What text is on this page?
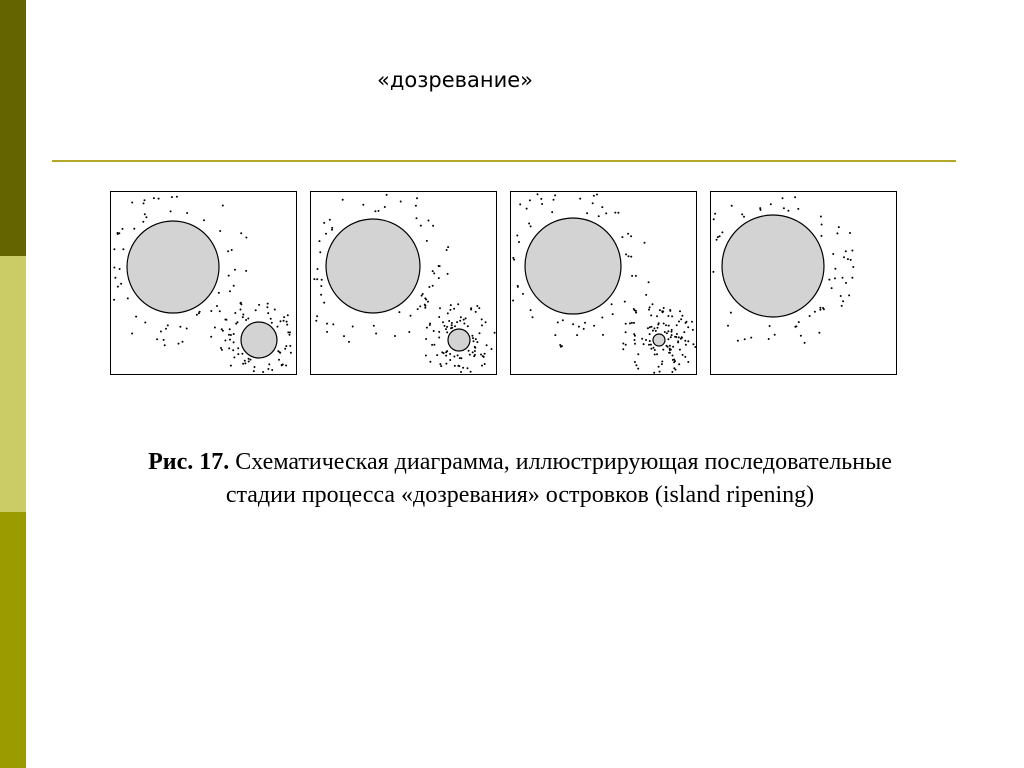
«дозревание»
Рис. 17. Схематическая диаграмма, иллюстрирующая последовательные
стадии процесса «дозревания» островков (island ripening)
